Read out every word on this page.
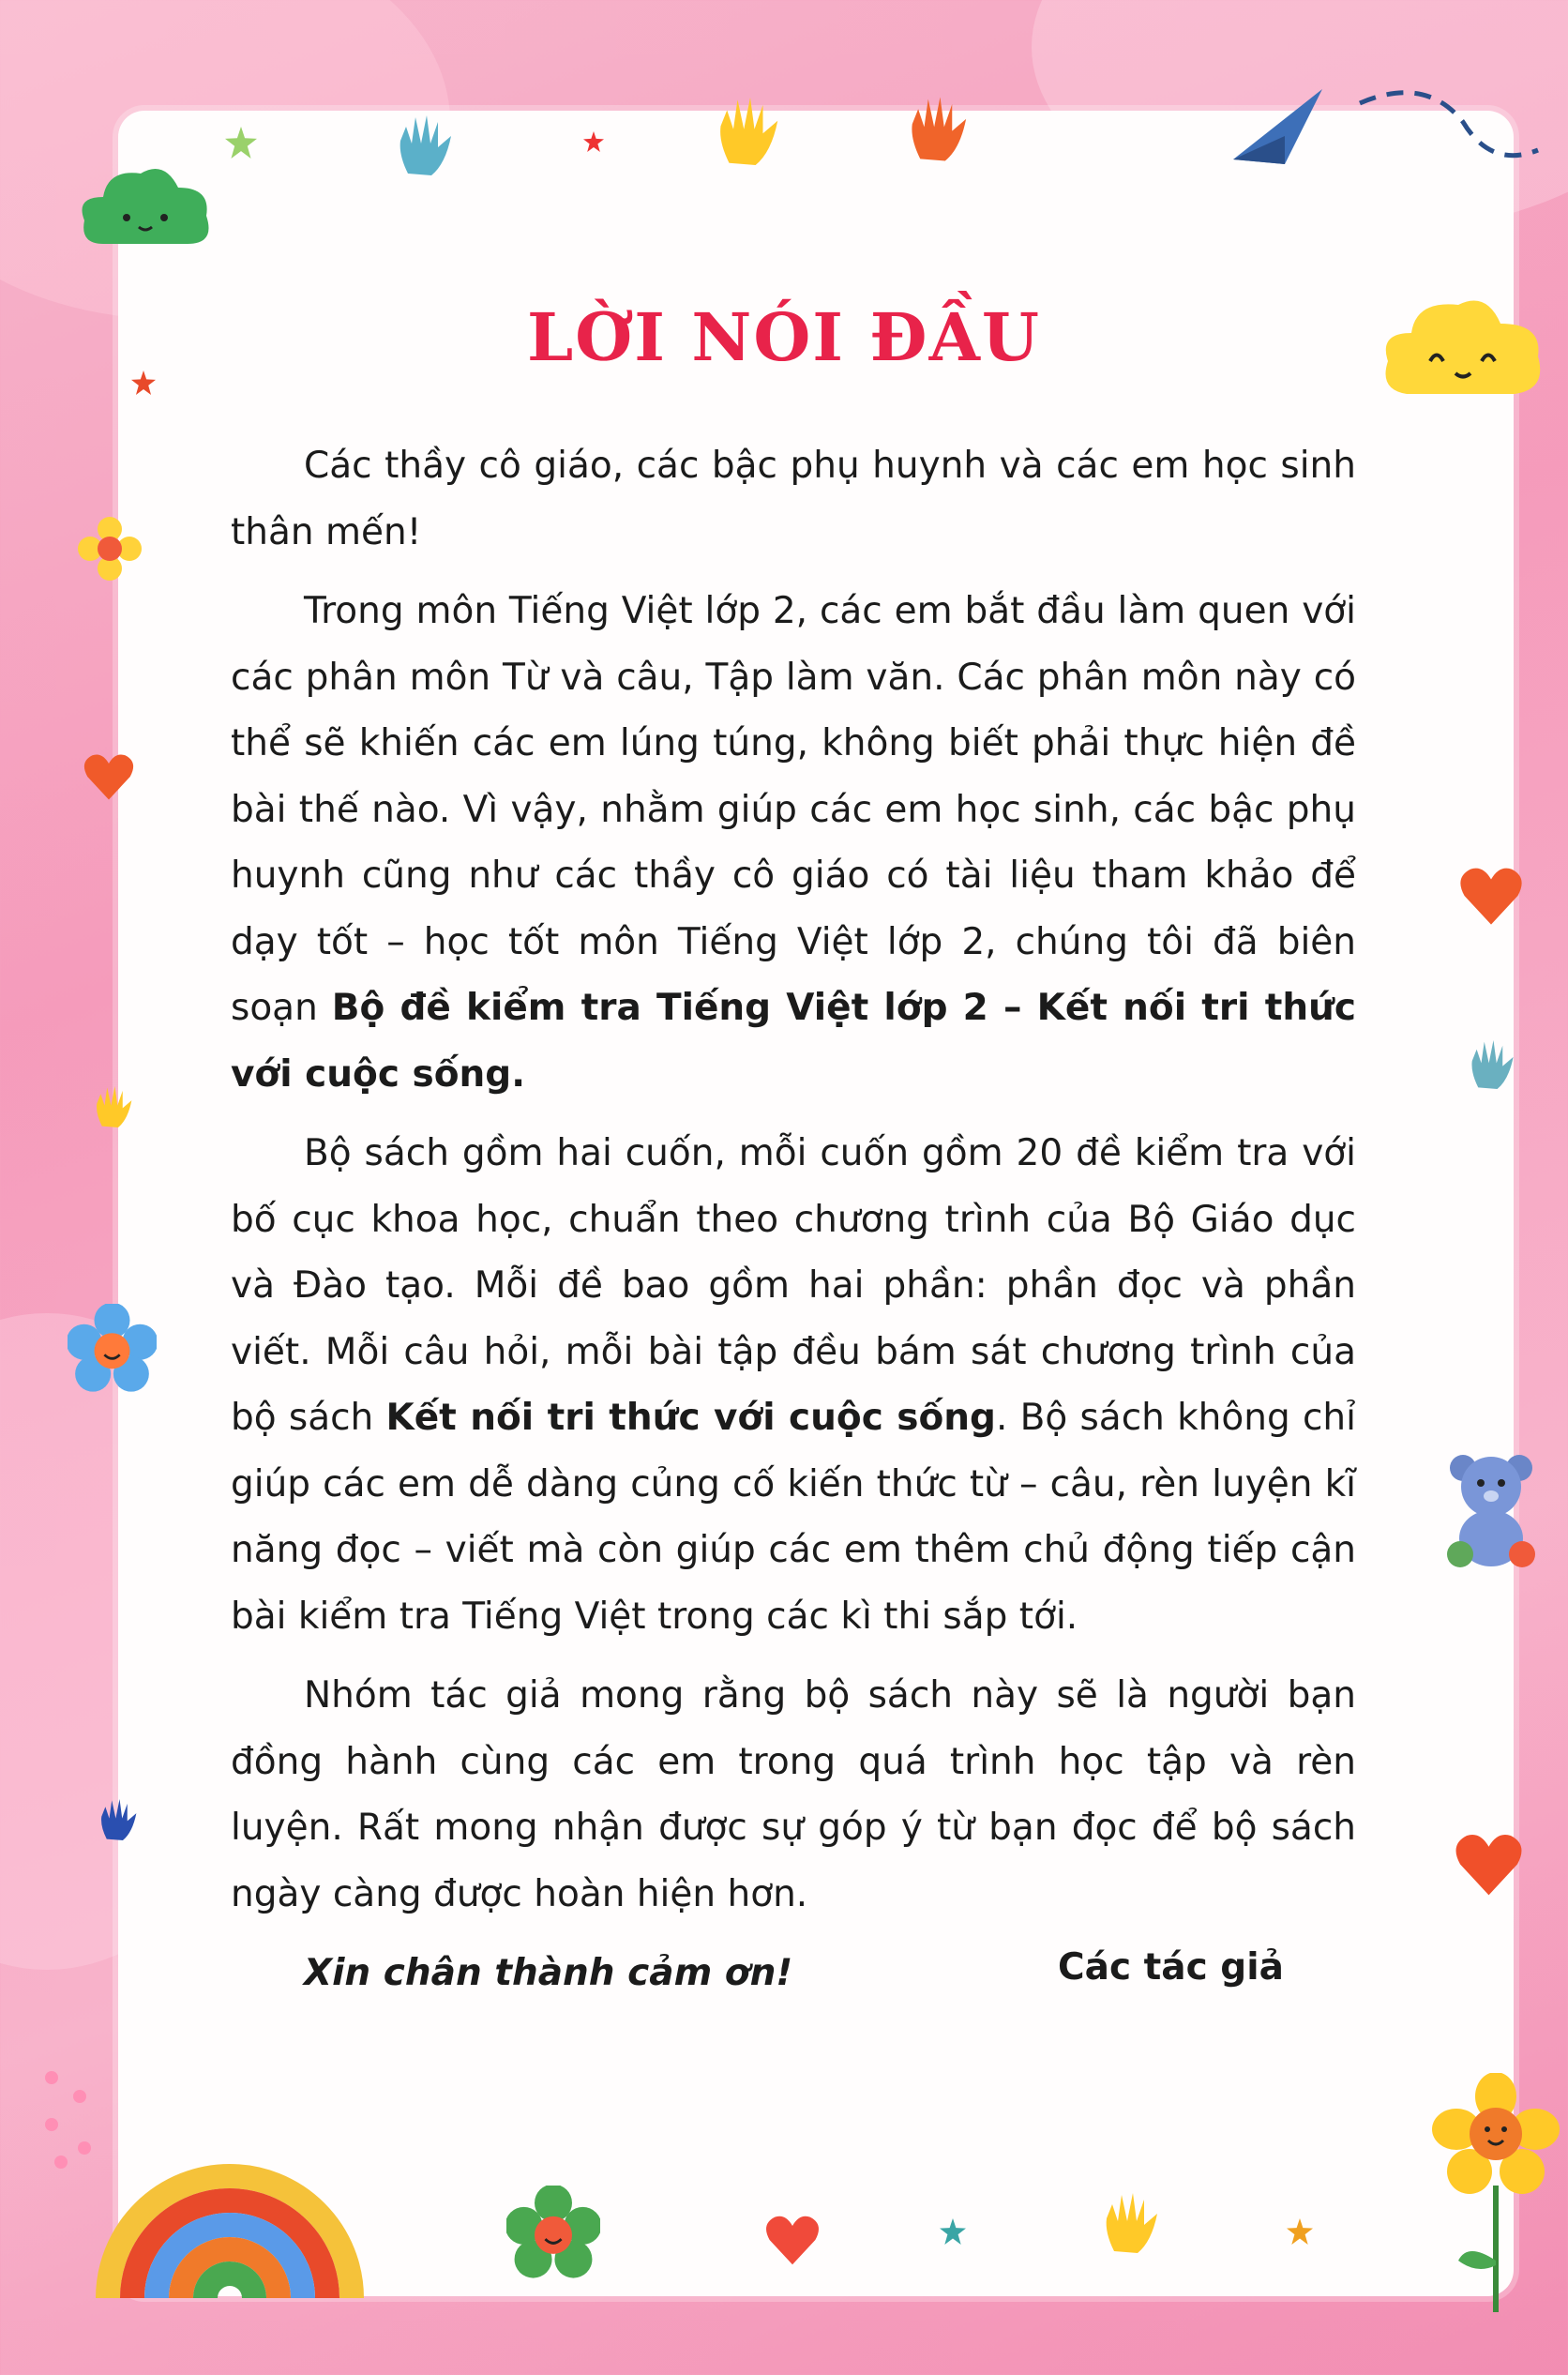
LỜI NÓI ĐẦU

Các thầy cô giáo, các bậc phụ huynh và các em học sinh thân mến!

Trong môn Tiếng Việt lớp 2, các em bắt đầu làm quen với các phân môn Từ và câu, Tập làm văn. Các phân môn này có thể sẽ khiến các em lúng túng, không biết phải thực hiện đề bài thế nào. Vì vậy, nhằm giúp các em học sinh, các bậc phụ huynh cũng như các thầy cô giáo có tài liệu tham khảo để dạy tốt – học tốt môn Tiếng Việt lớp 2, chúng tôi đã biên soạn Bộ đề kiểm tra Tiếng Việt lớp 2 – Kết nối tri thức với cuộc sống.

Bộ sách gồm hai cuốn, mỗi cuốn gồm 20 đề kiểm tra với bố cục khoa học, chuẩn theo chương trình của Bộ Giáo dục và Đào tạo. Mỗi đề bao gồm hai phần: phần đọc và phần viết. Mỗi câu hỏi, mỗi bài tập đều bám sát chương trình của bộ sách Kết nối tri thức với cuộc sống. Bộ sách không chỉ giúp các em dễ dàng củng cố kiến thức từ – câu, rèn luyện kĩ năng đọc – viết mà còn giúp các em thêm chủ động tiếp cận bài kiểm tra Tiếng Việt trong các kì thi sắp tới.

Nhóm tác giả mong rằng bộ sách này sẽ là người bạn đồng hành cùng các em trong quá trình học tập và rèn luyện. Rất mong nhận được sự góp ý từ bạn đọc để bộ sách ngày càng được hoàn hiện hơn.

Xin chân thành cảm ơn!	Các tác giả
